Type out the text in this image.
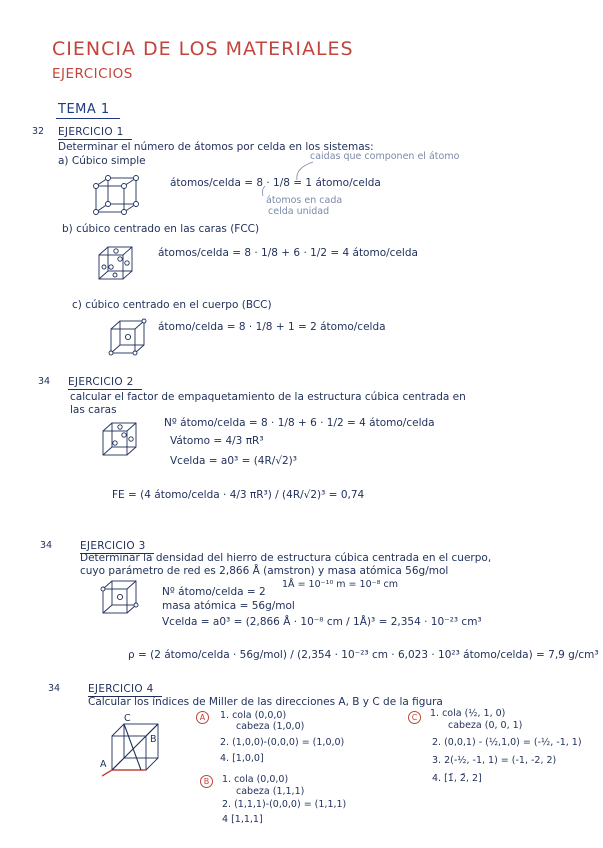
CIENCIA DE LOS MATERIALES
EJERCICIOS
TEMA 1
32 EJERCICIO 1
Determinar el número de átomos por celda en los sistemas:
a) Cúbico simple	caidas que componen el átomo
átomos/celda = 8 · 1/8 = 1 átomo/celda
átomos en cada
celda unidad
b) cúbico centrado en las caras (FCC)
átomos/celda = 8 · 1/8 + 6 · 1/2 = 4 átomo/celda
c) cúbico centrado en el cuerpo (BCC)
átomo/celda = 8 · 1/8 + 1 = 2 átomo/celda
34 EJERCICIO 2
calcular el factor de empaquetamiento de la estructura cúbica centrada en
las caras
Nº átomo/celda = 8 · 1/8 + 6 · 1/2 = 4 átomo/celda
Vátomo = 4/3 πR³
Vcelda = a0³ = (4R/√2)³
FE = (4 átomo/celda · 4/3 πR³) / (4R/√2)³ = 0,74
34	EJERCICIO 3
Determinar la densidad del hierro de estructura cúbica centrada en el cuerpo,
cuyo parámetro de red es 2,866 Å (amstron) y masa atómica 56g/mol
1Å = 10⁻¹⁰ m = 10⁻⁸ cm
Nº átomo/celda = 2
masa atómica = 56g/mol
Vcelda = a0³ = (2,866 Å · 10⁻⁸ cm / 1Å)³ = 2,354 · 10⁻²³ cm³
ρ = (2 átomo/celda · 56g/mol) / (2,354 · 10⁻²³ cm · 6,023 · 10²³ átomo/celda) = 7,9 g/cm³
34	EJERCICIO 4
Calcular los índices de Miller de las direcciones A, B y C de la figura
A
B
C	A	1. cola (0,0,0)
cabeza (1,0,0)
2. (1,0,0)-(0,0,0) = (1,0,0)
4. [1,0,0]
B	1. cola (0,0,0)
cabeza (1,1,1)
2. (1,1,1)-(0,0,0) = (1,1,1)
4 [1,1,1]
C	1. cola (½, 1, 0)
cabeza (0, 0, 1)
2. (0,0,1) - (½,1,0) = (-½, -1, 1)
3. 2(-½, -1, 1) = (-1, -2, 2)
4. [1̄, 2̄, 2]
